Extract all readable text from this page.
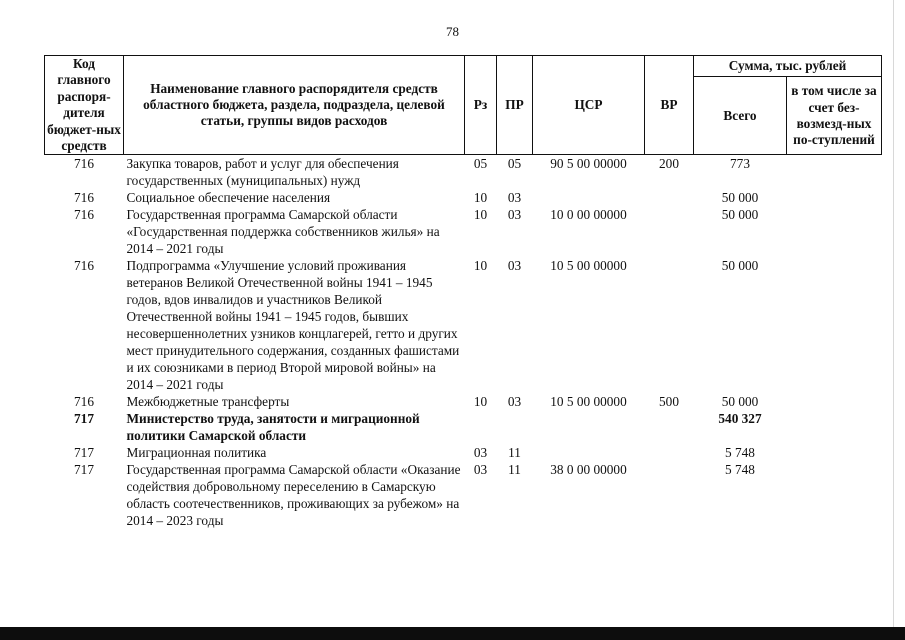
78
Код главного распоря-дителя бюджет-ных средств	Наименование главного распорядителя средств областного бюджета, раздела, подраздела, целевой статьи, группы видов расходов	Рз	ПР	ЦСР	ВР	Сумма, тыс. рублей	
						Всего	в том числе за счет без-возмезд-ных по-ступлений
716	Закупка товаров, работ и услуг для обеспечения государственных (муниципальных) нужд	05	05	90 5 00 00000	200	773	
716	Социальное обеспечение населения	10	03			50 000	
716	Государственная программа Самарской области «Государственная поддержка собственников жилья» на 2014 – 2021 годы	10	03	10 0 00 00000		50 000	
716	Подпрограмма «Улучшение условий проживания ветеранов Великой Отечественной войны 1941 – 1945 годов, вдов инвалидов и участников Великой Отечественной войны 1941 – 1945 годов, бывших несовершеннолетних узников концлагерей, гетто и других мест принудительного содержания, созданных фашистами и их союзниками в период Второй мировой войны» на 2014 – 2021 годы	10	03	10 5 00 00000		50 000	
716	Межбюджетные трансферты	10	03	10 5 00 00000	500	50 000	
717	Министерство труда, занятости и миграционной политики Самарской области					540 327	
717	Миграционная политика	03	11			5 748	
717	Государственная программа Самарской области «Оказание содействия добровольному переселению в Самарскую область соотечественников, проживающих за рубежом» на 2014 – 2023 годы	03	11	38 0 00 00000		5 748	
